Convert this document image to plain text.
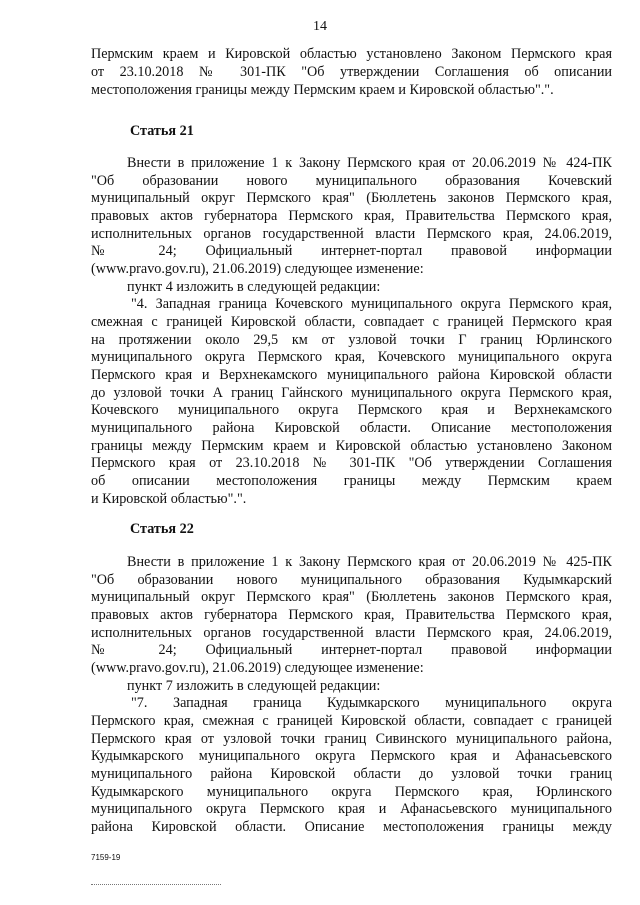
14
Пермским краем и Кировской областью установлено Законом Пермского края
от 23.10.2018 № 301-ПК "Об утверждении Соглашения об описании
местоположения границы между Пермским краем и Кировской областью".".
Статья 21
Внести в приложение 1 к Закону Пермского края от 20.06.2019 № 424-ПК
"Об образовании нового муниципального образования Кочевский
муниципальный округ Пермского края" (Бюллетень законов Пермского края,
правовых актов губернатора Пермского края, Правительства Пермского края,
исполнительных органов государственной власти Пермского края, 24.06.2019,
№ 24; Официальный интернет-портал правовой информации
(www.pravo.gov.ru), 21.06.2019) следующее изменение:
пункт 4 изложить в следующей редакции:
"4. Западная граница Кочевского муниципального округа Пермского края,
смежная с границей Кировской области, совпадает с границей Пермского края
на протяжении около 29,5 км от узловой точки Г границ Юрлинского
муниципального округа Пермского края, Кочевского муниципального округа
Пермского края и Верхнекамского муниципального района Кировской области
до узловой точки А границ Гайнского муниципального округа Пермского края,
Кочевского муниципального округа Пермского края и Верхнекамского
муниципального района Кировской области. Описание местоположения
границы между Пермским краем и Кировской областью установлено Законом
Пермского края от 23.10.2018 № 301-ПК "Об утверждении Соглашения
об описании местоположения границы между Пермским краем
и Кировской областью".".
Статья 22
Внести в приложение 1 к Закону Пермского края от 20.06.2019 № 425-ПК
"Об образовании нового муниципального образования Кудымкарский
муниципальный округ Пермского края" (Бюллетень законов Пермского края,
правовых актов губернатора Пермского края, Правительства Пермского края,
исполнительных органов государственной власти Пермского края, 24.06.2019,
№ 24; Официальный интернет-портал правовой информации
(www.pravo.gov.ru), 21.06.2019) следующее изменение:
пункт 7 изложить в следующей редакции:
"7. Западная граница Кудымкарского муниципального округа
Пермского края, смежная с границей Кировской области, совпадает с границей
Пермского края от узловой точки границ Сивинского муниципального района,
Кудымкарского муниципального округа Пермского края и Афанасьевского
муниципального района Кировской области до узловой точки границ
Кудымкарского муниципального округа Пермского края, Юрлинского
муниципального округа Пермского края и Афанасьевского муниципального
района Кировской области. Описание местоположения границы между
7159-19
